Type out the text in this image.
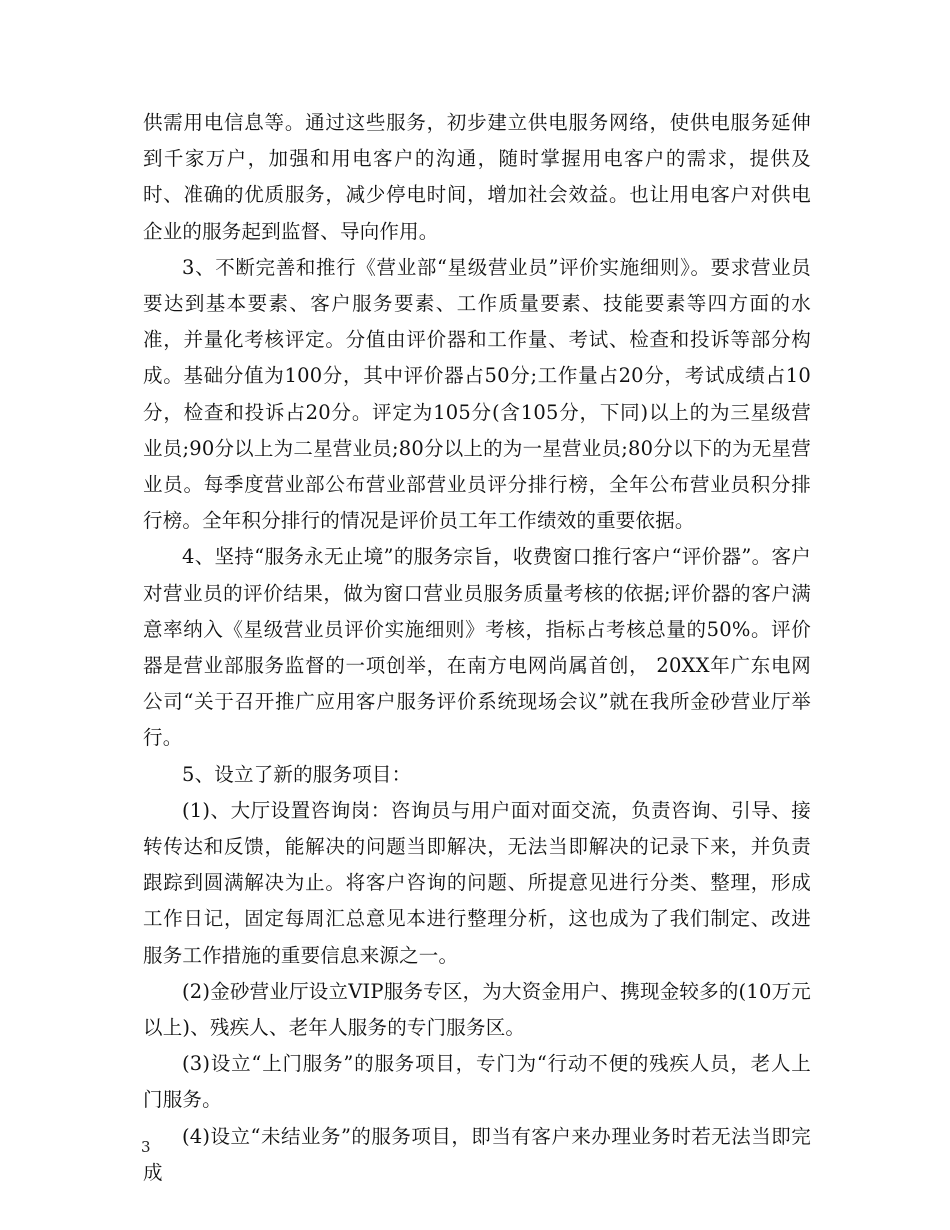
供需用电信息等。通过这些服务，初步建立供电服务网络，使供电服务延伸到千家万户，加强和用电客户的沟通，随时掌握用电客户的需求，提供及时、准确的优质服务，减少停电时间，增加社会效益。也让用电客户对供电企业的服务起到监督、导向作用。

3、不断完善和推行《营业部“星级营业员”评价实施细则》。要求营业员要达到基本要素、客户服务要素、工作质量要素、技能要素等四方面的水准，并量化考核评定。分值由评价器和工作量、考试、检查和投诉等部分构成。基础分值为100分，其中评价器占50分;工作量占20分，考试成绩占10分，检查和投诉占20分。评定为105分(含105分，下同)以上的为三星级营业员;90分以上为二星营业员;80分以上的为一星营业员;80分以下的为无星营业员。每季度营业部公布营业部营业员评分排行榜，全年公布营业员积分排行榜。全年积分排行的情况是评价员工年工作绩效的重要依据。

4、坚持“服务永无止境”的服务宗旨，收费窗口推行客户“评价器”。客户对营业员的评价结果，做为窗口营业员服务质量考核的依据;评价器的客户满意率纳入《星级营业员评价实施细则》考核，指标占考核总量的50%。评价器是营业部服务监督的一项创举，在南方电网尚属首创， 20XX年广东电网公司“关于召开推广应用客户服务评价系统现场会议”就在我所金砂营业厅举行。

5、设立了新的服务项目：

(1)、大厅设置咨询岗：咨询员与用户面对面交流，负责咨询、引导、接转传达和反馈，能解决的问题当即解决，无法当即解决的记录下来，并负责跟踪到圆满解决为止。将客户咨询的问题、所提意见进行分类、整理，形成工作日记，固定每周汇总意见本进行整理分析，这也成为了我们制定、改进服务工作措施的重要信息来源之一。

(2)金砂营业厅设立VIP服务专区，为大资金用户、携现金较多的(10万元以上)、残疾人、老年人服务的专门服务区。

(3)设立“上门服务”的服务项目，专门为“行动不便的残疾人员，老人上门服务。

(4)设立“未结业务”的服务项目，即当有客户来办理业务时若无法当即完成

3
